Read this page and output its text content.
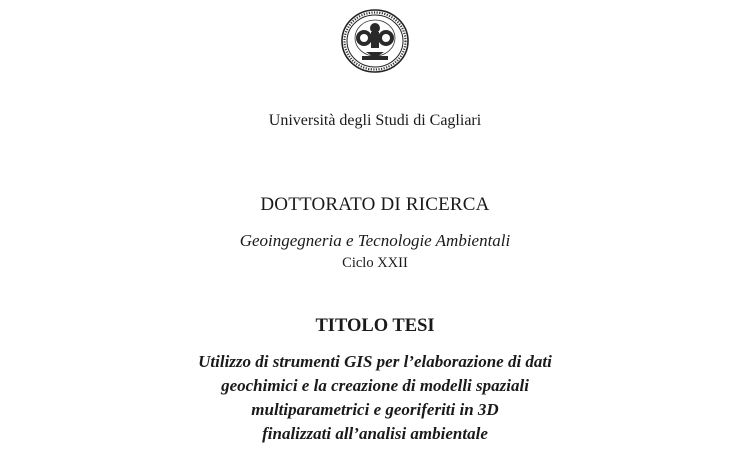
Università degli Studi di Cagliari
DOTTORATO DI RICERCA
Geoingegneria e Tecnologie Ambientali
Ciclo XXII
TITOLO TESI
Utilizzo di strumenti GIS per l’elaborazione di dati
geochimici e la creazione di modelli spaziali
multiparametrici e georiferiti in 3D
finalizzati all’analisi ambientale
